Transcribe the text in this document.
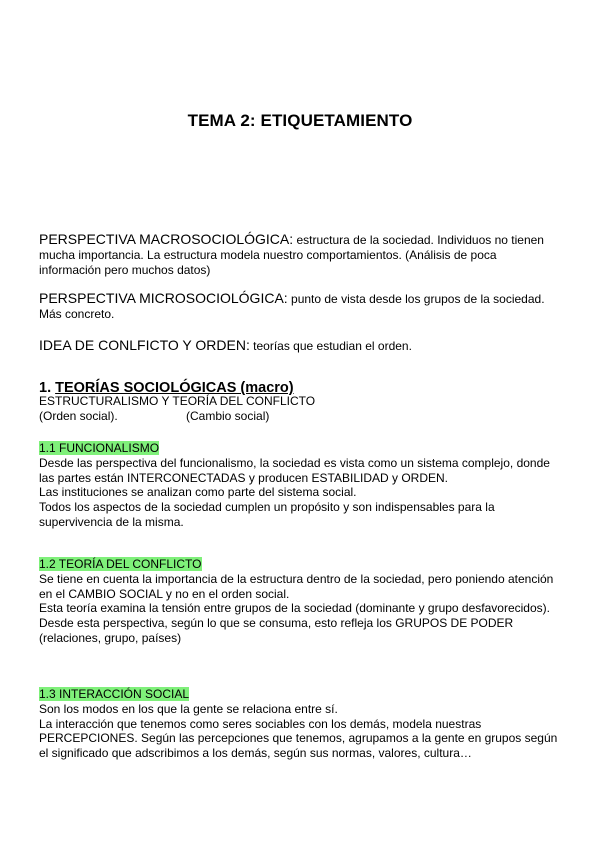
TEMA 2: ETIQUETAMIENTO
PERSPECTIVA MACROSOCIOLÓGICA: estructura de la sociedad. Individuos no tienen mucha importancia. La estructura modela nuestro comportamientos. (Análisis de poca información pero muchos datos)
PERSPECTIVA MICROSOCIOLÓGICA: punto de vista desde los grupos de la sociedad. Más concreto.
IDEA DE CONLFICTO Y ORDEN: teorías que estudian el orden.

1. TEORÍAS SOCIOLÓGICAS (macro)

ESTRUCTURALISMO Y TEORÍA DEL CONFLICTO

(Orden social).	(Cambio social)

1.1 FUNCIONALISMO

Desde las perspectiva del funcionalismo, la sociedad es vista como un sistema complejo, donde las partes están INTERCONECTADAS y producen ESTABILIDAD y ORDEN.

Las instituciones se analizan como parte del sistema social.

Todos los aspectos de la sociedad cumplen un propósito y son indispensables para la supervivencia de la misma.

1.2 TEORÍA DEL CONFLICTO

Se tiene en cuenta la importancia de la estructura dentro de la sociedad, pero poniendo atención en el CAMBIO SOCIAL y no en el orden social.

Esta teoría examina la tensión entre grupos de la sociedad (dominante y grupo desfavorecidos).

Desde esta perspectiva, según lo que se consuma, esto refleja los GRUPOS DE PODER (relaciones, grupo, países)

1.3 INTERACCIÓN SOCIAL

Son los modos en los que la gente se relaciona entre sí.

La interacción que tenemos como seres sociables con los demás, modela nuestras PERCEPCIONES. Según las percepciones que tenemos, agrupamos a la gente en grupos según el significado que adscribimos a los demás, según sus normas, valores, cultura…
